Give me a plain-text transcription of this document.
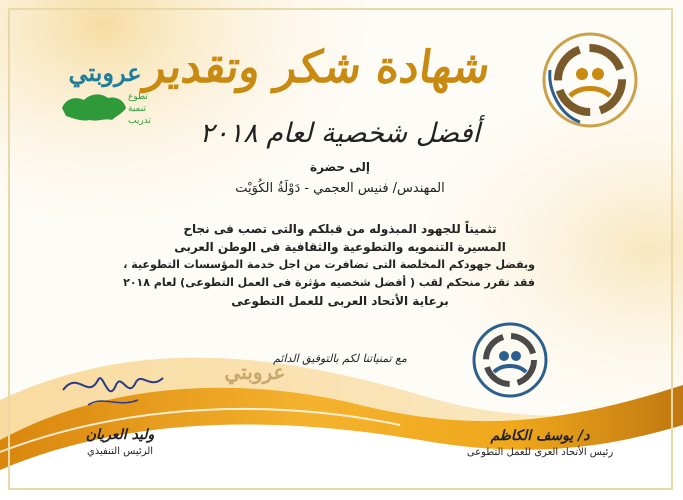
عروبتي
تطوع
تنمية
تدريب
شهادة شكر وتقدير
أفضل شخصية لعام ٢٠١٨
إلى حضرة
المهندس/ فنيس العجمي - دَوْلَةُ الكُوَيْت
تثميناً للجهود المبذوله من قبلكم والتى تصب فى نجاح
المسيرة التنمويه والتطوعية والثقافية فى الوطن العربى
وبفضل جهودكم المخلصة التى تضافرت من اجل خدمة المؤسسات التطوعية ،
فقد تقرر منحكم لقب ( أفضل شخصيه مؤثرة فى العمل التطوعى) لعام ٢٠١٨
برعاية الأتحاد العربى للعمل التطوعى
مع تمنياتنا لكم بالتوفيق الدائم
عروبتي
وليد العريان
الرئيس التنفيذي
د/ يوسف الكاظم
رئيس الأتحاد العرى للعمل التطوعى
